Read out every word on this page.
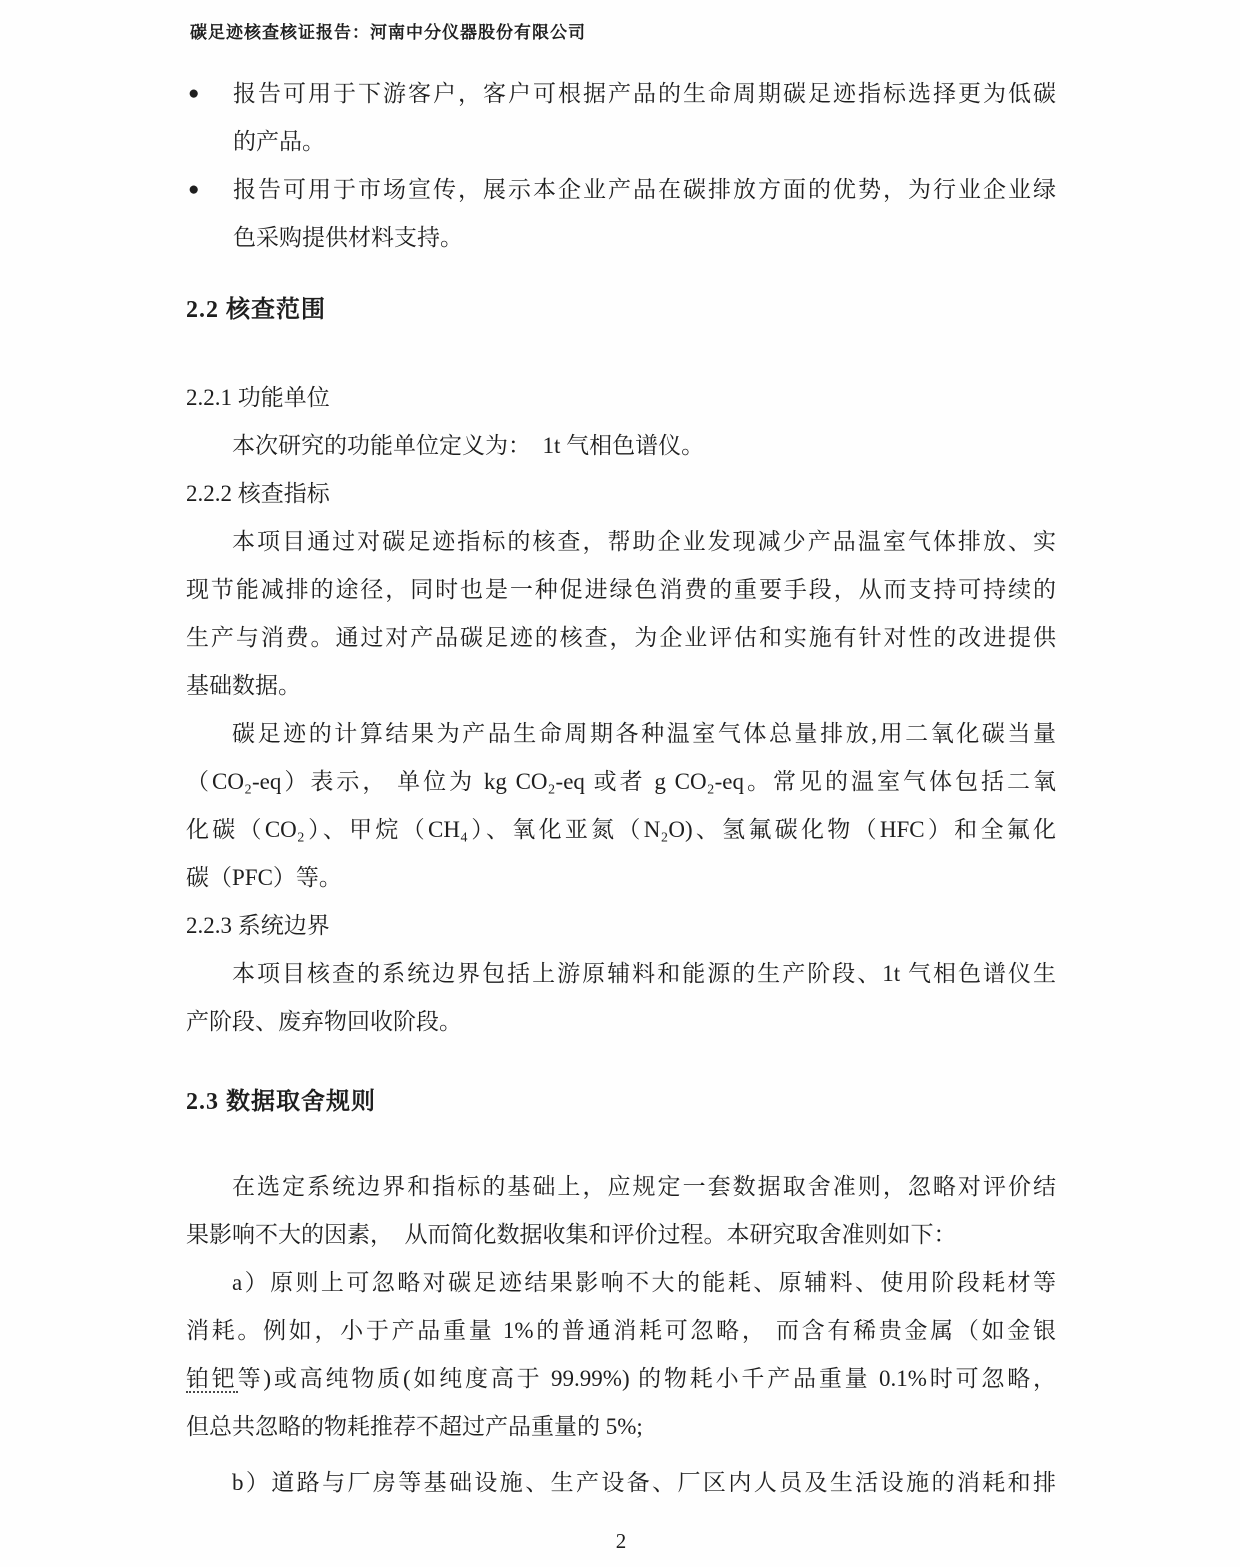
碳足迹核查核证报告：河南中分仪器股份有限公司
● 报告可用于下游客户，客户可根据产品的生命周期碳足迹指标选择更为低碳
的产品。
● 报告可用于市场宣传，展示本企业产品在碳排放方面的优势，为行业企业绿
色采购提供材料支持。
2.2 核查范围
2.2.1 功能单位
本次研究的功能单位定义为：  1t 气相色谱仪。
2.2.2 核查指标
本项目通过对碳足迹指标的核查，帮助企业发现减少产品温室气体排放、实
现节能减排的途径，同时也是一种促进绿色消费的重要手段，从而支持可持续的
生产与消费。通过对产品碳足迹的核查，为企业评估和实施有针对性的改进提供
基础数据。
碳足迹的计算结果为产品生命周期各种温室气体总量排放,用二氧化碳当量
（CO₂-eq）表示， 单位为 kg CO₂-eq 或者 g CO₂-eq。常见的温室气体包括二氧
化碳（CO₂）、甲烷（CH₄）、氧化亚氮（N₂O)、氢氟碳化物（HFC）和全氟化
碳（PFC）等。
2.2.3 系统边界
本项目核查的系统边界包括上游原辅料和能源的生产阶段、1t 气相色谱仪生
产阶段、废弃物回收阶段。
2.3 数据取舍规则
在选定系统边界和指标的基础上，应规定一套数据取舍准则，忽略对评价结
果影响不大的因素，  从而简化数据收集和评价过程。本研究取舍准则如下：
a）原则上可忽略对碳足迹结果影响不大的能耗、原辅料、使用阶段耗材等
消耗。例如，小于产品重量 1%的普通消耗可忽略， 而含有稀贵金属（如金银
铂钯等)或高纯物质(如纯度高于 99.99%) 的物耗小千产品重量 0.1%时可忽略，
但总共忽略的物耗推荐不超过产品重量的 5%;
b）道路与厂房等基础设施、生产设备、厂区内人员及生活设施的消耗和排
2
